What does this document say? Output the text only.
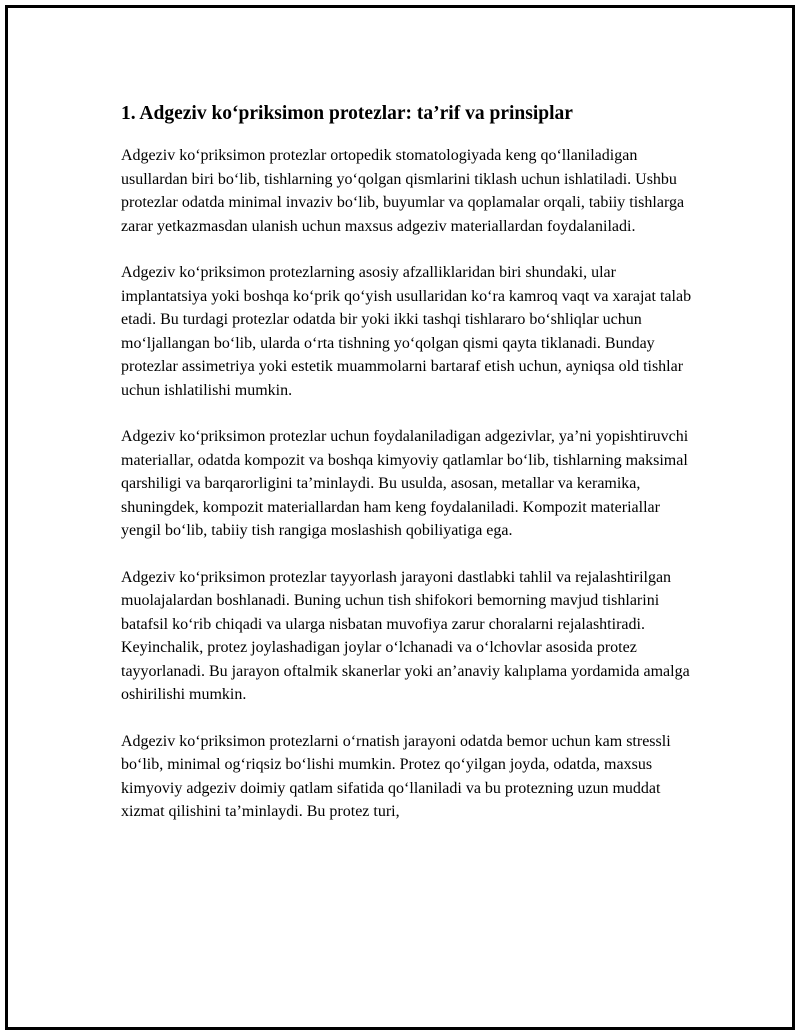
1. Adgeziv koʻpriksimon protezlar: ta’rif va prinsiplar

Adgeziv koʻpriksimon protezlar ortopedik stomatologiyada keng qoʻllaniladigan usullardan biri boʻlib, tishlarning yoʻqolgan qismlarini tiklash uchun ishlatiladi. Ushbu protezlar odatda minimal invaziv boʻlib, buyumlar va qoplamalar orqali, tabiiy tishlarga zarar yetkazmasdan ulanish uchun maxsus adgeziv materiallardan foydalaniladi.

Adgeziv koʻpriksimon protezlarning asosiy afzalliklaridan biri shundaki, ular implantatsiya yoki boshqa koʻprik qoʻyish usullaridan koʻra kamroq vaqt va xarajat talab etadi. Bu turdagi protezlar odatda bir yoki ikki tashqi tishlararo boʻshliqlar uchun moʻljallangan boʻlib, ularda oʻrta tishning yoʻqolgan qismi qayta tiklanadi. Bunday protezlar assimetriya yoki estetik muammolarni bartaraf etish uchun, ayniqsa old tishlar uchun ishlatilishi mumkin.

Adgeziv koʻpriksimon protezlar uchun foydalaniladigan adgezivlar, ya’ni yopishtiruvchi materiallar, odatda kompozit va boshqa kimyoviy qatlamlar boʻlib, tishlarning maksimal qarshiligi va barqarorligini ta’minlaydi. Bu usulda, asosan, metallar va keramika, shuningdek, kompozit materiallardan ham keng foydalaniladi. Kompozit materiallar yengil boʻlib, tabiiy tish rangiga moslashish qobiliyatiga ega.

Adgeziv koʻpriksimon protezlar tayyorlash jarayoni dastlabki tahlil va rejalashtirilgan muolajalardan boshlanadi. Buning uchun tish shifokori bemorning mavjud tishlarini batafsil koʻrib chiqadi va ularga nisbatan muvofiya zarur choralarni rejalashtiradi. Keyinchalik, protez joylashadigan joylar oʻlchanadi va oʻlchovlar asosida protez tayyorlanadi. Bu jarayon oftalmik skanerlar yoki an’anaviy kalıplama yordamida amalga oshirilishi mumkin.

Adgeziv koʻpriksimon protezlarni oʻrnatish jarayoni odatda bemor uchun kam stressli boʻlib, minimal ogʻriqsiz boʻlishi mumkin. Protez qoʻyilgan joyda, odatda, maxsus kimyoviy adgeziv doimiy qatlam sifatida qoʻllaniladi va bu protezning uzun muddat xizmat qilishini ta’minlaydi. Bu protez turi,
